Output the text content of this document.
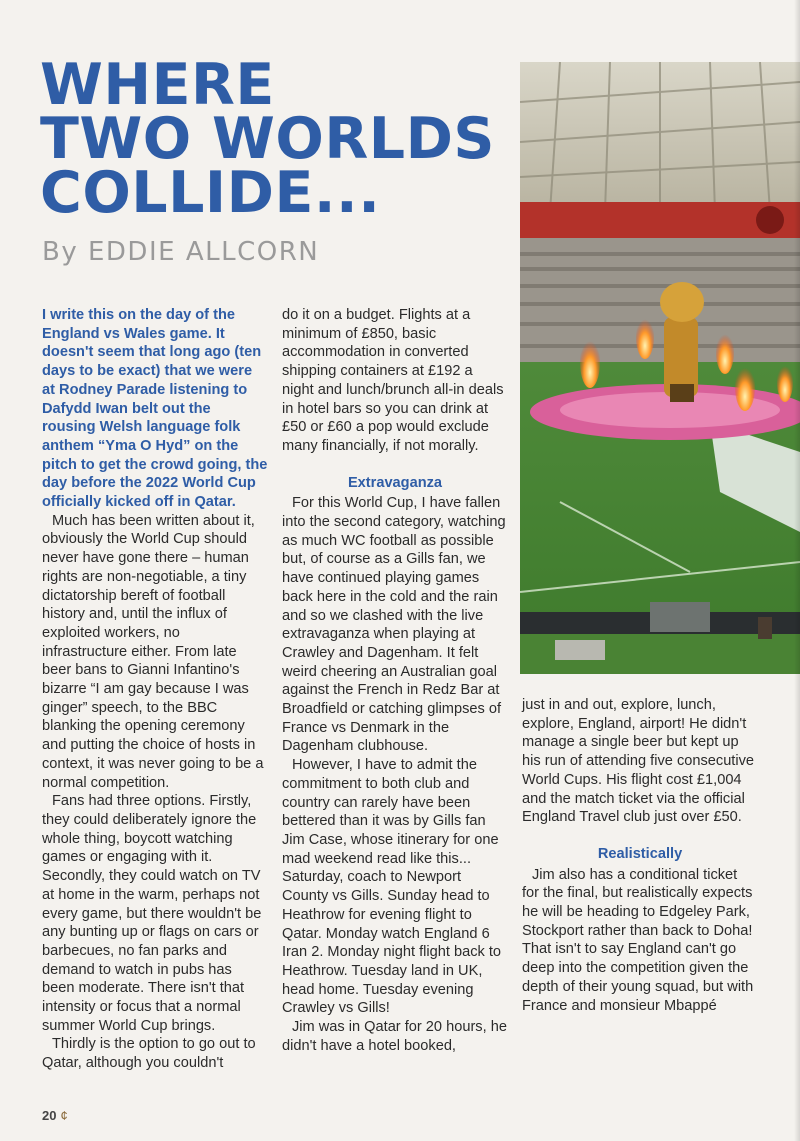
WHERE
TWO WORLDS
COLLIDE...
By EDDIE ALLCORN

I write this on the day of the England vs Wales game. It doesn't seem that long ago (ten days to be exact) that we were at Rodney Parade listening to Dafydd Iwan belt out the rousing Welsh language folk anthem “Yma O Hyd” on the pitch to get the crowd going, the day before the 2022 World Cup officially kicked off in Qatar.

Much has been written about it, obviously the World Cup should never have gone there – human rights are non-negotiable, a tiny dictatorship bereft of football history and, until the influx of exploited workers, no infrastructure either. From late beer bans to Gianni Infantino's bizarre “I am gay because I was ginger” speech, to the BBC blanking the opening ceremony and putting the choice of hosts in context, it was never going to be a normal competition.

Fans had three options. Firstly, they could deliberately ignore the whole thing, boycott watching games or engaging with it. Secondly, they could watch on TV at home in the warm, perhaps not every game, but there wouldn't be any bunting up or flags on cars or barbecues, no fan parks and demand to watch in pubs has been moderate. There isn't that intensity or focus that a normal summer World Cup brings.

Thirdly is the option to go out to Qatar, although you couldn't

do it on a budget. Flights at a minimum of £850, basic accommodation in converted shipping containers at £192 a night and lunch/brunch all-in deals in hotel bars so you can drink at £50 or £60 a pop would exclude many financially, if not morally.

Extravaganza

For this World Cup, I have fallen into the second category, watching as much WC football as possible but, of course as a Gills fan, we have continued playing games back here in the cold and the rain and so we clashed with the live extravaganza when playing at Crawley and Dagenham. It felt weird cheering an Australian goal against the French in Redz Bar at Broadfield or catching glimpses of France vs Denmark in the Dagenham clubhouse.

However, I have to admit the commitment to both club and country can rarely have been bettered than it was by Gills fan Jim Case, whose itinerary for one mad weekend read like this... Saturday, coach to Newport County vs Gills. Sunday head to Heathrow for evening flight to Qatar. Monday watch England 6 Iran 2. Monday night flight back to Heathrow. Tuesday land in UK, head home. Tuesday evening Crawley vs Gills!

Jim was in Qatar for 20 hours, he didn't have a hotel booked,

just in and out, explore, lunch, explore, England, airport! He didn't manage a single beer but kept up his run of attending five consecutive World Cups. His flight cost £1,004 and the match ticket via the official England Travel club just over £50.

Realistically

Jim also has a conditional ticket for the final, but realistically expects he will be heading to Edgeley Park, Stockport rather than back to Doha! That isn't to say England can't go deep into the competition given the depth of their young squad, but with France and monsieur Mbappé

20 ¢
